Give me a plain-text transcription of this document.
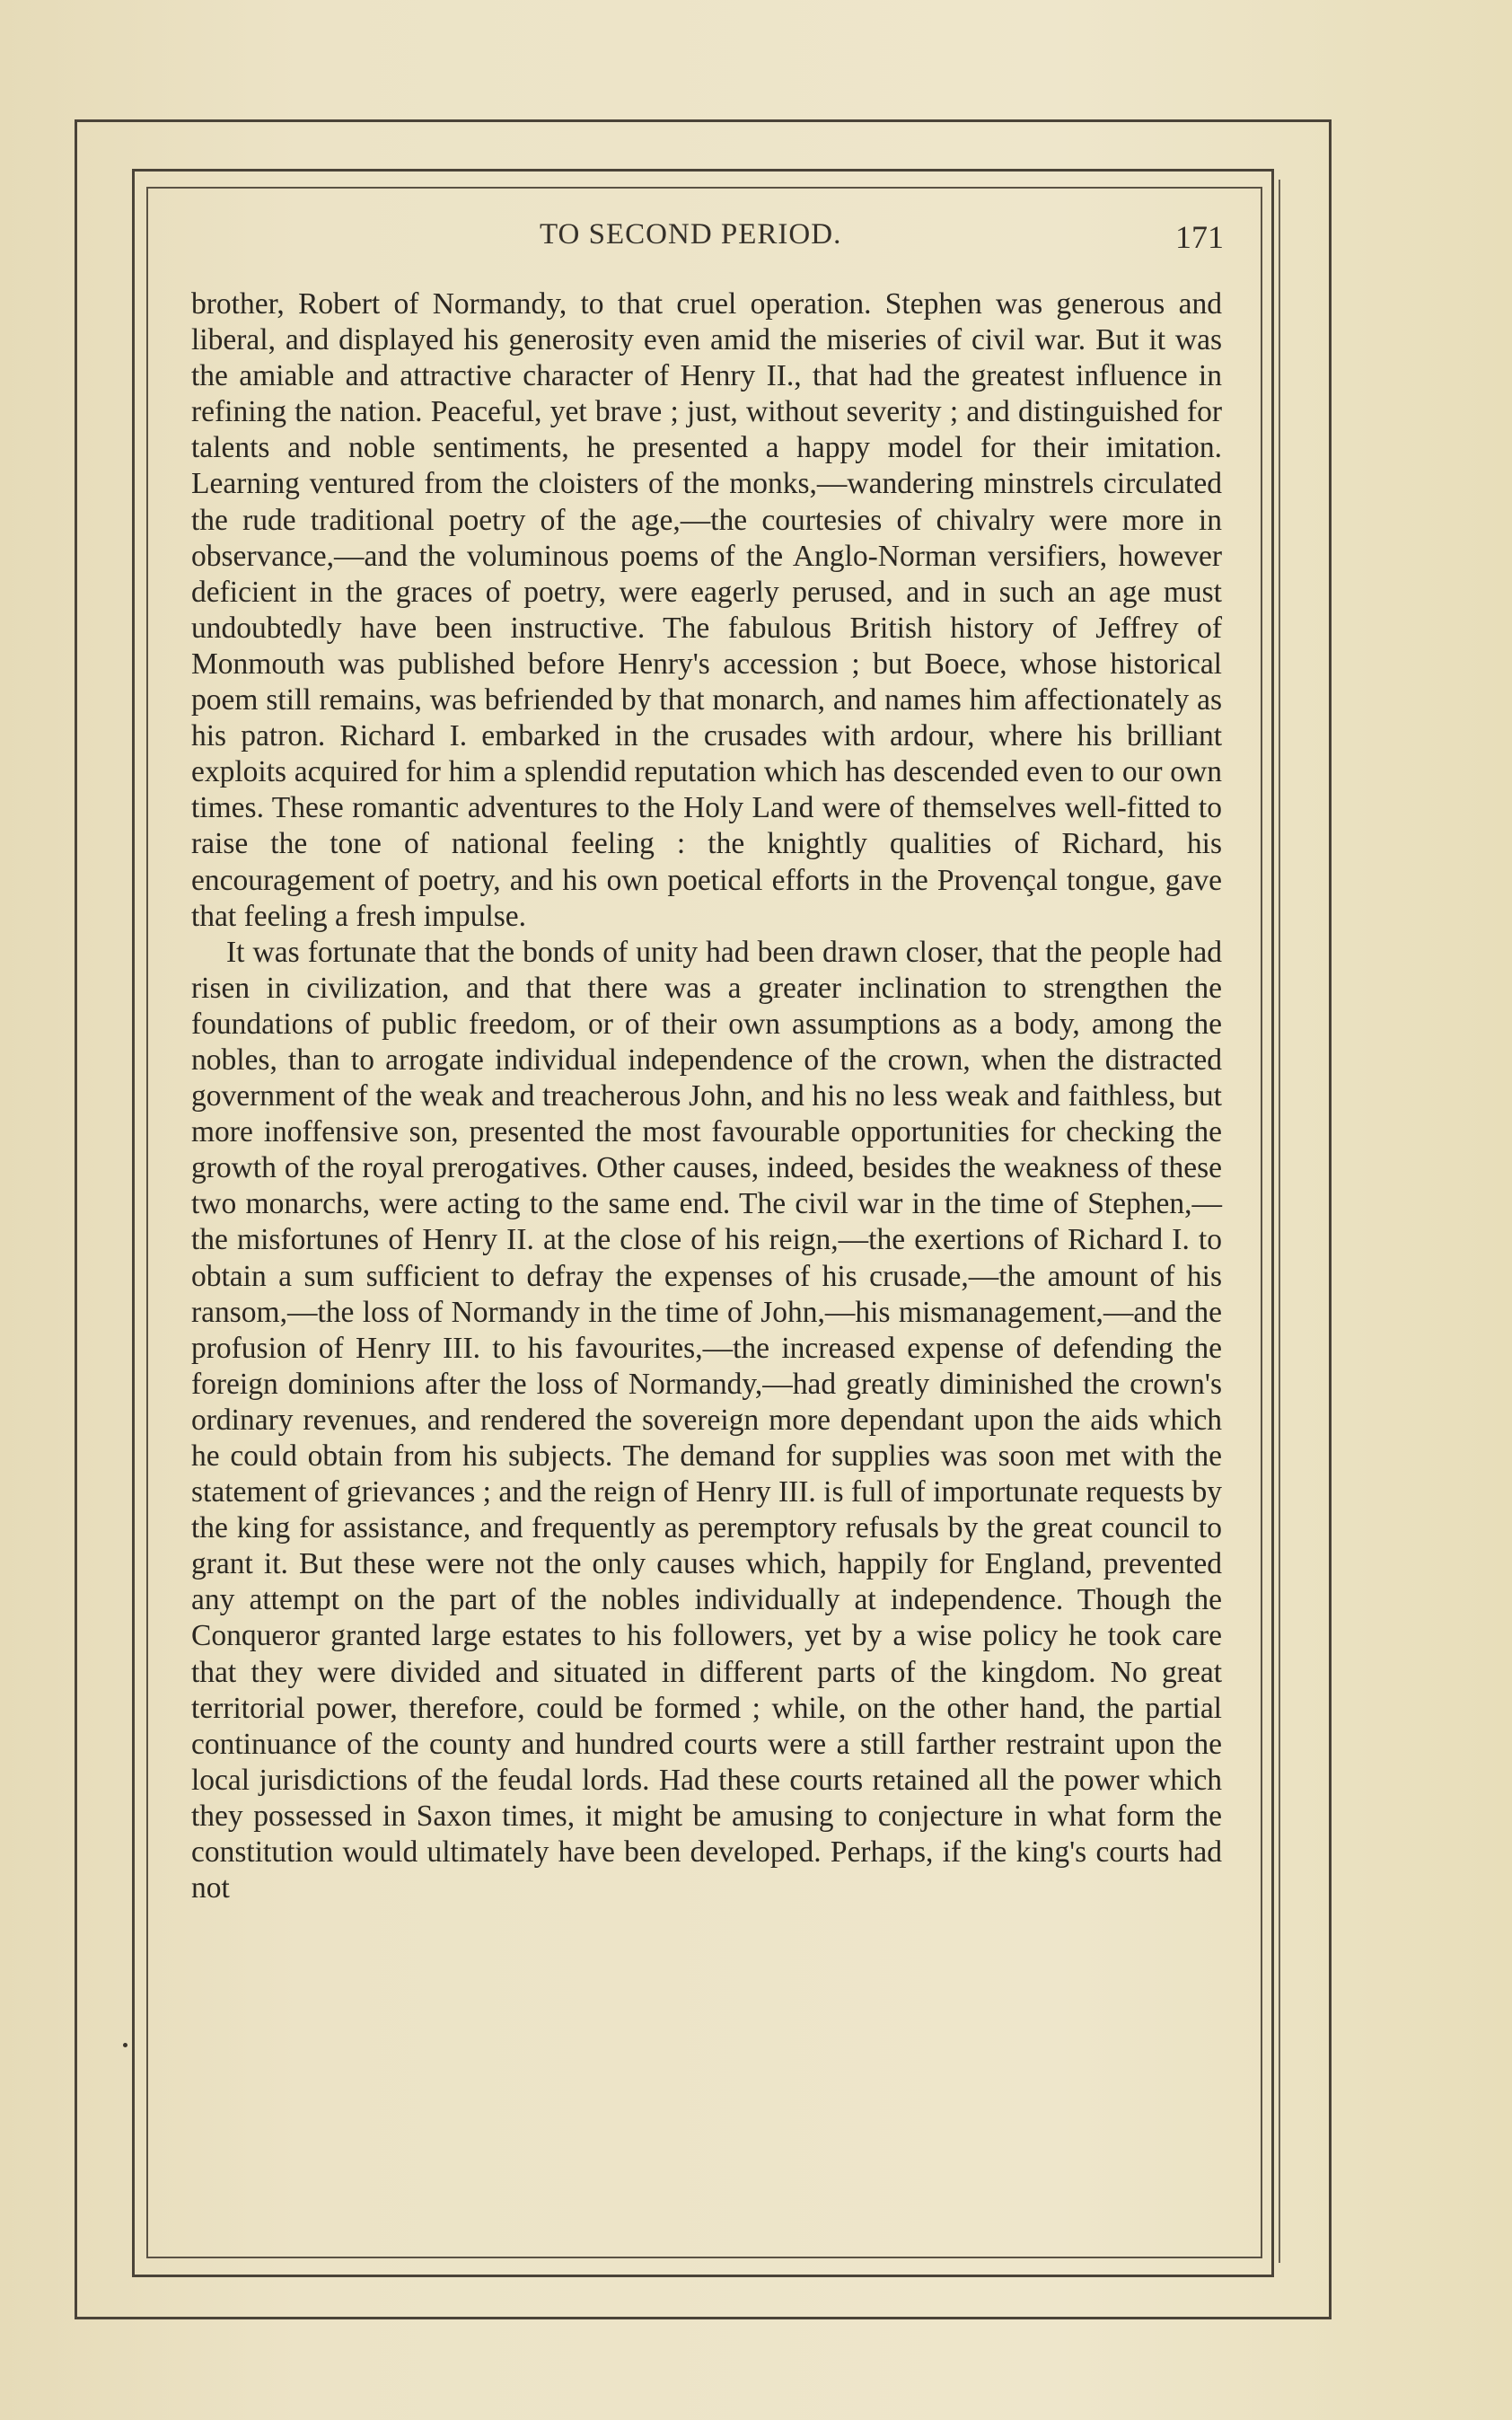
TO SECOND PERIOD.	171

brother, Robert of Normandy, to that cruel operation. Stephen was generous and liberal, and displayed his generosity even amid the miseries of civil war. But it was the amiable and attractive character of Henry II., that had the greatest influence in refining the nation. Peaceful, yet brave ; just, without severity ; and distinguished for talents and noble sentiments, he presented a happy model for their imitation. Learning ventured from the cloisters of the monks,—wandering minstrels circulated the rude traditional poetry of the age,—the courtesies of chivalry were more in observance,—and the voluminous poems of the Anglo-Norman versifiers, however deficient in the graces of poetry, were eagerly perused, and in such an age must undoubtedly have been instructive. The fabulous British history of Jeffrey of Monmouth was published before Henry's accession ; but Boece, whose historical poem still remains, was befriended by that monarch, and names him affectionately as his patron. Richard I. embarked in the crusades with ardour, where his brilliant exploits acquired for him a splendid reputation which has descended even to our own times. These romantic adventures to the Holy Land were of themselves well-fitted to raise the tone of national feeling : the knightly qualities of Richard, his encouragement of poetry, and his own poetical efforts in the Provençal tongue, gave that feeling a fresh impulse.

It was fortunate that the bonds of unity had been drawn closer, that the people had risen in civilization, and that there was a greater inclination to strengthen the foundations of public freedom, or of their own assumptions as a body, among the nobles, than to arrogate individual independence of the crown, when the distracted government of the weak and treacherous John, and his no less weak and faithless, but more inoffensive son, presented the most favourable opportunities for checking the growth of the royal prerogatives. Other causes, indeed, besides the weakness of these two monarchs, were acting to the same end. The civil war in the time of Stephen,—the misfortunes of Henry II. at the close of his reign,—the exertions of Richard I. to obtain a sum sufficient to defray the expenses of his crusade,—the amount of his ransom,—the loss of Normandy in the time of John,—his mismanagement,—and the profusion of Henry III. to his favourites,—the increased expense of defending the foreign dominions after the loss of Normandy,—had greatly diminished the crown's ordinary revenues, and rendered the sovereign more dependant upon the aids which he could obtain from his subjects. The demand for supplies was soon met with the statement of grievances ; and the reign of Henry III. is full of importunate requests by the king for assistance, and frequently as peremptory refusals by the great council to grant it. But these were not the only causes which, happily for England, prevented any attempt on the part of the nobles individually at independence. Though the Conqueror granted large estates to his followers, yet by a wise policy he took care that they were divided and situated in different parts of the kingdom. No great territorial power, therefore, could be formed ; while, on the other hand, the partial continuance of the county and hundred courts were a still farther restraint upon the local jurisdictions of the feudal lords. Had these courts retained all the power which they possessed in Saxon times, it might be amusing to conjecture in what form the constitution would ultimately have been developed. Perhaps, if the king's courts had not
